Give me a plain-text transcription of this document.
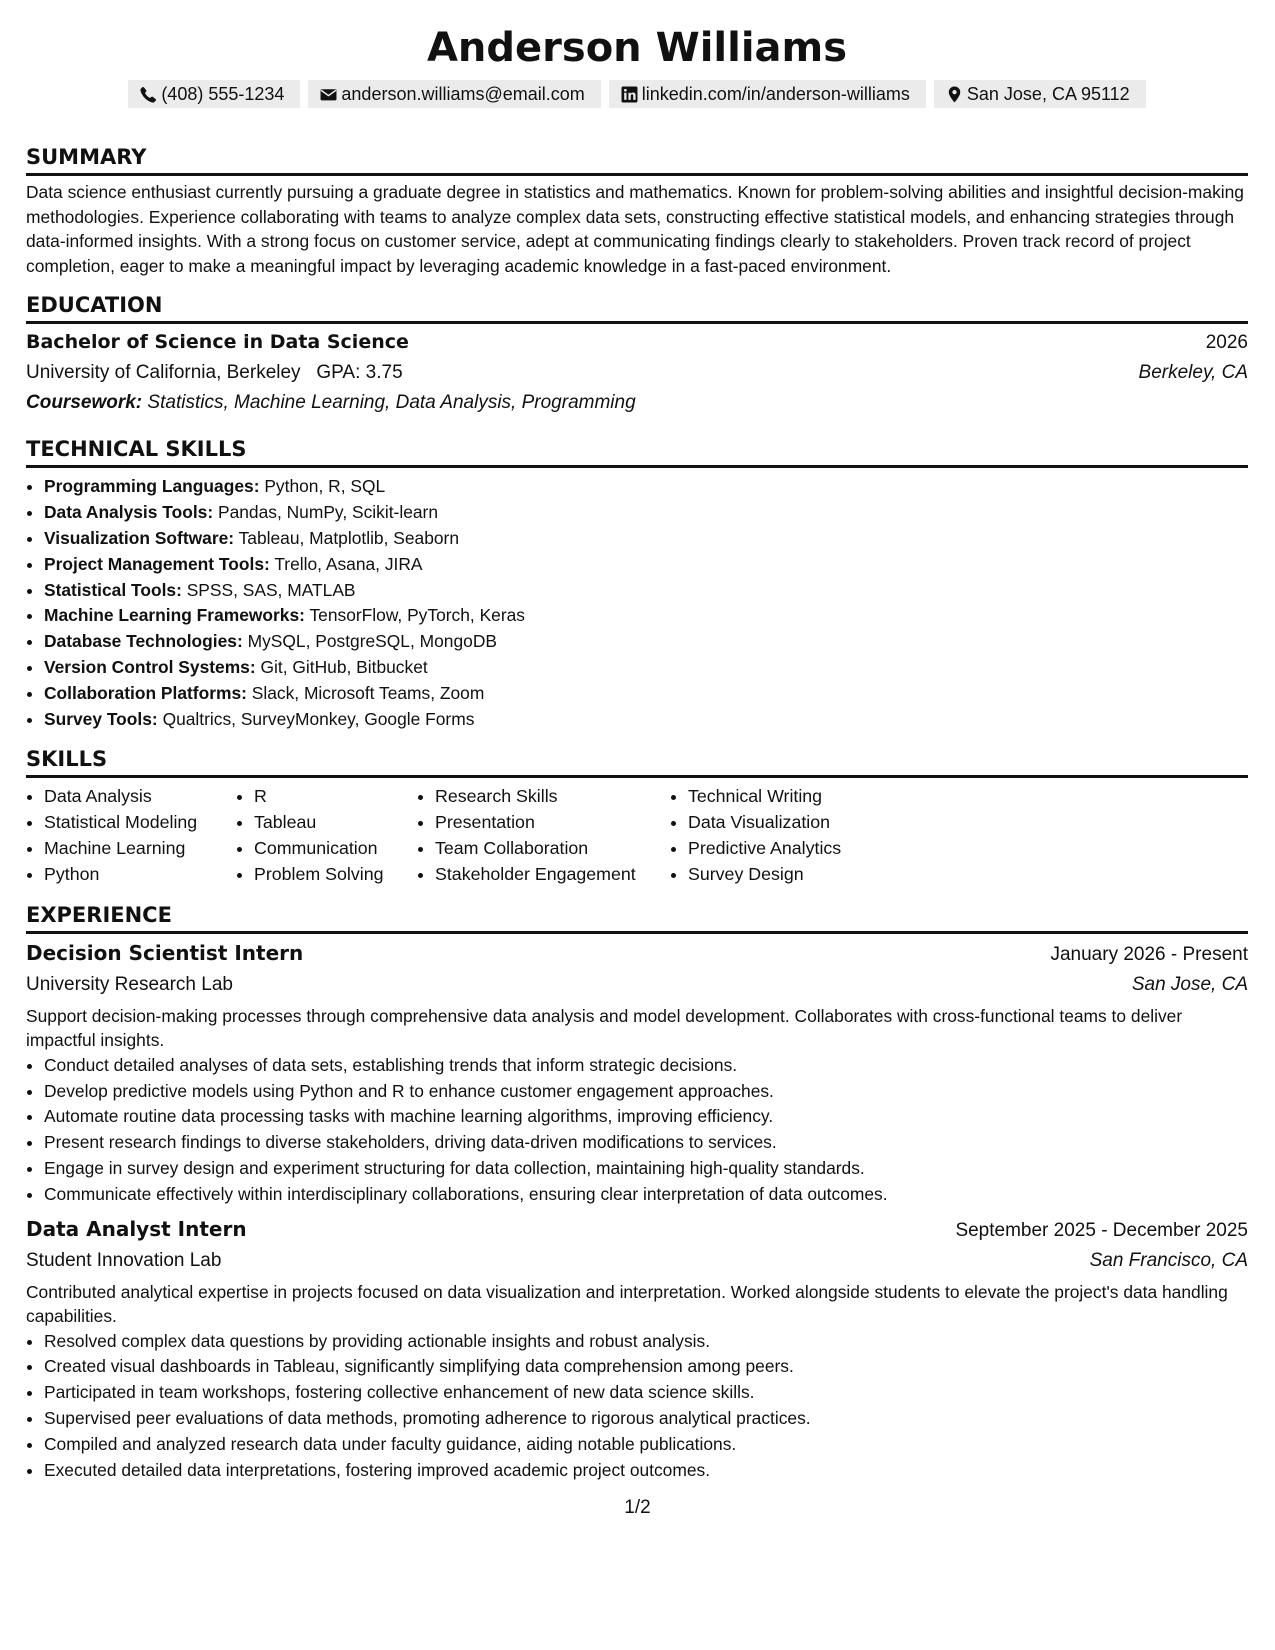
Anderson Williams
(408) 555-1234	anderson.williams@email.com	linkedin.com/in/anderson-williams	San Jose, CA 95112
SUMMARY

Data science enthusiast currently pursuing a graduate degree in statistics and mathematics. Known for problem-solving abilities and insightful decision-making methodologies. Experience collaborating with teams to analyze complex data sets, constructing effective statistical models, and enhancing strategies through data-informed insights. With a strong focus on customer service, adept at communicating findings clearly to stakeholders. Proven track record of project completion, eager to make a meaningful impact by leveraging academic knowledge in a fast-paced environment.

EDUCATION
Bachelor of Science in Data Science	2026
University of California, Berkeley GPA: 3.75	Berkeley, CA
Coursework: Statistics, Machine Learning, Data Analysis, Programming
TECHNICAL SKILLS
• Programming Languages: Python, R, SQL
• Data Analysis Tools: Pandas, NumPy, Scikit-learn
• Visualization Software: Tableau, Matplotlib, Seaborn
• Project Management Tools: Trello, Asana, JIRA
• Statistical Tools: SPSS, SAS, MATLAB
• Machine Learning Frameworks: TensorFlow, PyTorch, Keras
• Database Technologies: MySQL, PostgreSQL, MongoDB
• Version Control Systems: Git, GitHub, Bitbucket
• Collaboration Platforms: Slack, Microsoft Teams, Zoom
• Survey Tools: Qualtrics, SurveyMonkey, Google Forms
SKILLS
• Data Analysis
• Statistical Modeling
• Machine Learning
• Python
• R
• Tableau
• Communication
• Problem Solving
• Research Skills
• Presentation
• Team Collaboration
• Stakeholder Engagement
• Technical Writing
• Data Visualization
• Predictive Analytics
• Survey Design
EXPERIENCE
Decision Scientist Intern	January 2026 - Present
University Research Lab	San Jose, CA

Support decision-making processes through comprehensive data analysis and model development. Collaborates with cross-functional teams to deliver impactful insights.

• Conduct detailed analyses of data sets, establishing trends that inform strategic decisions.
• Develop predictive models using Python and R to enhance customer engagement approaches.
• Automate routine data processing tasks with machine learning algorithms, improving efficiency.
• Present research findings to diverse stakeholders, driving data-driven modifications to services.
• Engage in survey design and experiment structuring for data collection, maintaining high-quality standards.
• Communicate effectively within interdisciplinary collaborations, ensuring clear interpretation of data outcomes.
Data Analyst Intern	September 2025 - December 2025
Student Innovation Lab	San Francisco, CA

Contributed analytical expertise in projects focused on data visualization and interpretation. Worked alongside students to elevate the project's data handling capabilities.

• Resolved complex data questions by providing actionable insights and robust analysis.
• Created visual dashboards in Tableau, significantly simplifying data comprehension among peers.
• Participated in team workshops, fostering collective enhancement of new data science skills.
• Supervised peer evaluations of data methods, promoting adherence to rigorous analytical practices.
• Compiled and analyzed research data under faculty guidance, aiding notable publications.
• Executed detailed data interpretations, fostering improved academic project outcomes.
1/2
